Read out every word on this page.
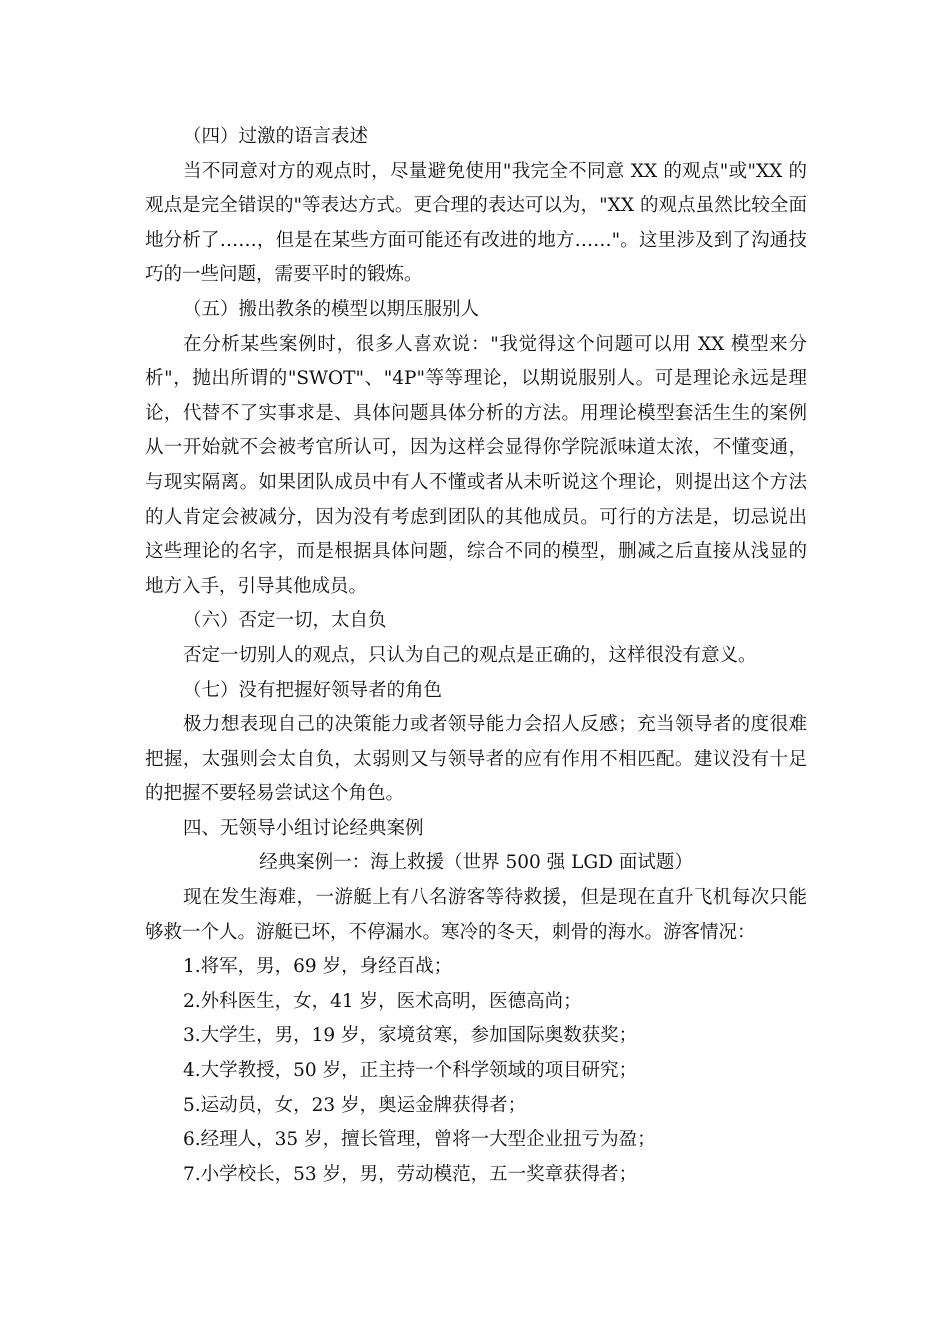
（四）过激的语言表述

当不同意对方的观点时，尽量避免使用"我完全不同意 XX 的观点"或"XX 的观点是完全错误的"等表达方式。更合理的表达可以为，"XX 的观点虽然比较全面地分析了……，但是在某些方面可能还有改进的地方……"。这里涉及到了沟通技巧的一些问题，需要平时的锻炼。

（五）搬出教条的模型以期压服别人

在分析某些案例时，很多人喜欢说："我觉得这个问题可以用 XX 模型来分析"，抛出所谓的"SWOT"、"4P"等等理论，以期说服别人。可是理论永远是理论，代替不了实事求是、具体问题具体分析的方法。用理论模型套活生生的案例从一开始就不会被考官所认可，因为这样会显得你学院派味道太浓，不懂变通，与现实隔离。如果团队成员中有人不懂或者从未听说这个理论，则提出这个方法的人肯定会被减分，因为没有考虑到团队的其他成员。可行的方法是，切忌说出这些理论的名字，而是根据具体问题，综合不同的模型，删减之后直接从浅显的地方入手，引导其他成员。

（六）否定一切，太自负

否定一切别人的观点，只认为自己的观点是正确的，这样很没有意义。

（七）没有把握好领导者的角色

极力想表现自己的决策能力或者领导能力会招人反感；充当领导者的度很难把握，太强则会太自负，太弱则又与领导者的应有作用不相匹配。建议没有十足的把握不要轻易尝试这个角色。

四、无领导小组讨论经典案例

经典案例一：海上救援（世界 500 强 LGD 面试题）

现在发生海难，一游艇上有八名游客等待救援，但是现在直升飞机每次只能够救一个人。游艇已坏，不停漏水。寒冷的冬天，刺骨的海水。游客情况：

1.将军，男，69 岁，身经百战；

2.外科医生，女，41 岁，医术高明，医德高尚；

3.大学生，男，19 岁，家境贫寒，参加国际奥数获奖；

4.大学教授，50 岁，正主持一个科学领域的项目研究；

5.运动员，女，23 岁，奥运金牌获得者；

6.经理人，35 岁，擅长管理，曾将一大型企业扭亏为盈；

7.小学校长，53 岁，男，劳动模范，五一奖章获得者；
